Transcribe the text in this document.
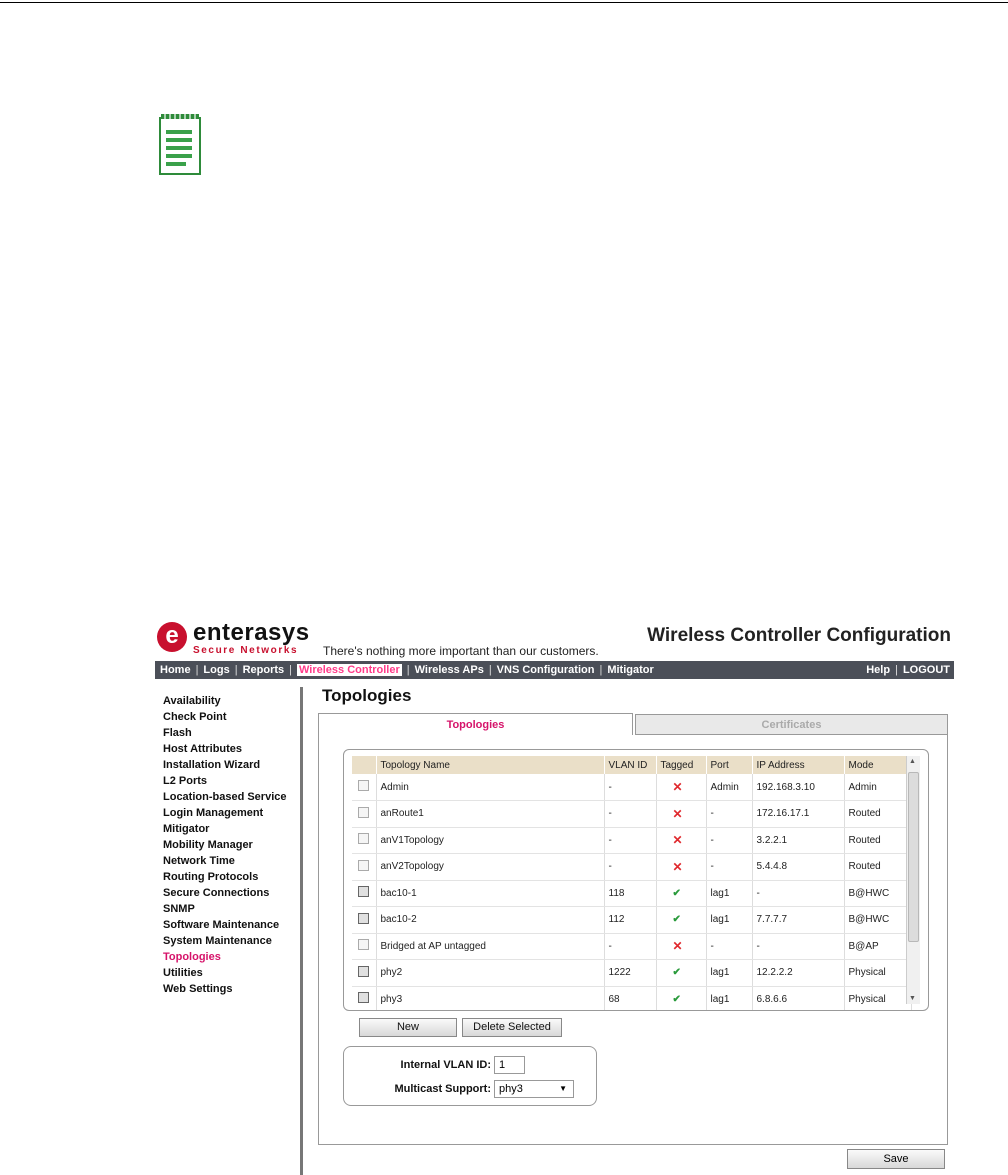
e enterasys
Secure Networks There's nothing more important than our customers.
Wireless Controller Configuration
Home | Logs | Reports | Wireless Controller | Wireless APs | VNS Configuration | Mitigator	Help | LOGOUT
Availability
Check Point
Flash
Host Attributes
Installation Wizard
L2 Ports
Location-based Service
Login Management
Mitigator
Mobility Manager
Network Time
Routing Protocols
Secure Connections
SNMP
Software Maintenance
System Maintenance
Topologies
Utilities
Web Settings
Topologies
Topologies	Certificates
	Topology Name	VLAN ID	Tagged	Port	IP Address	Mode
	Admin	-	✕	Admin	192.168.3.10	Admin
	anRoute1	-	✕	-	172.16.17.1	Routed
	anV1Topology	-	✕	-	3.2.2.1	Routed
	anV2Topology	-	✕	-	5.4.4.8	Routed
	bac10-1	118	✔	lag1	-	B@HWC
	bac10-2	112	✔	lag1	7.7.7.7	B@HWC
	Bridged at AP untagged	-	✕	-	-	B@AP
	phy2	1222	✔	lag1	12.2.2.2	Physical
	phy3	68	✔	lag1	6.8.6.6	Physical
▲
▼
New	Delete Selected
Internal VLAN ID: 1
Multicast Support: phy3	▼
Save
